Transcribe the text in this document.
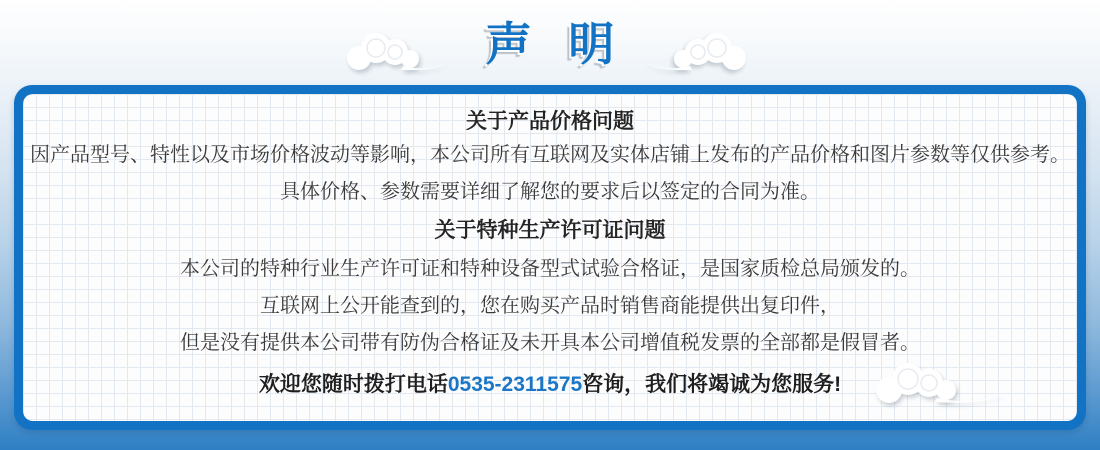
声 明
关于产品价格问题
因产品型号、特性以及市场价格波动等影响，本公司所有互联网及实体店铺上发布的产品价格和图片参数等仅供参考。
具体价格、参数需要详细了解您的要求后以签定的合同为准。
关于特种生产许可证问题
本公司的特种行业生产许可证和特种设备型式试验合格证，是国家质检总局颁发的。
互联网上公开能查到的，您在购买产品时销售商能提供出复印件，
但是没有提供本公司带有防伪合格证及未开具本公司增值税发票的全部都是假冒者。
欢迎您随时拨打电话0535-2311575咨询，我们将竭诚为您服务!
